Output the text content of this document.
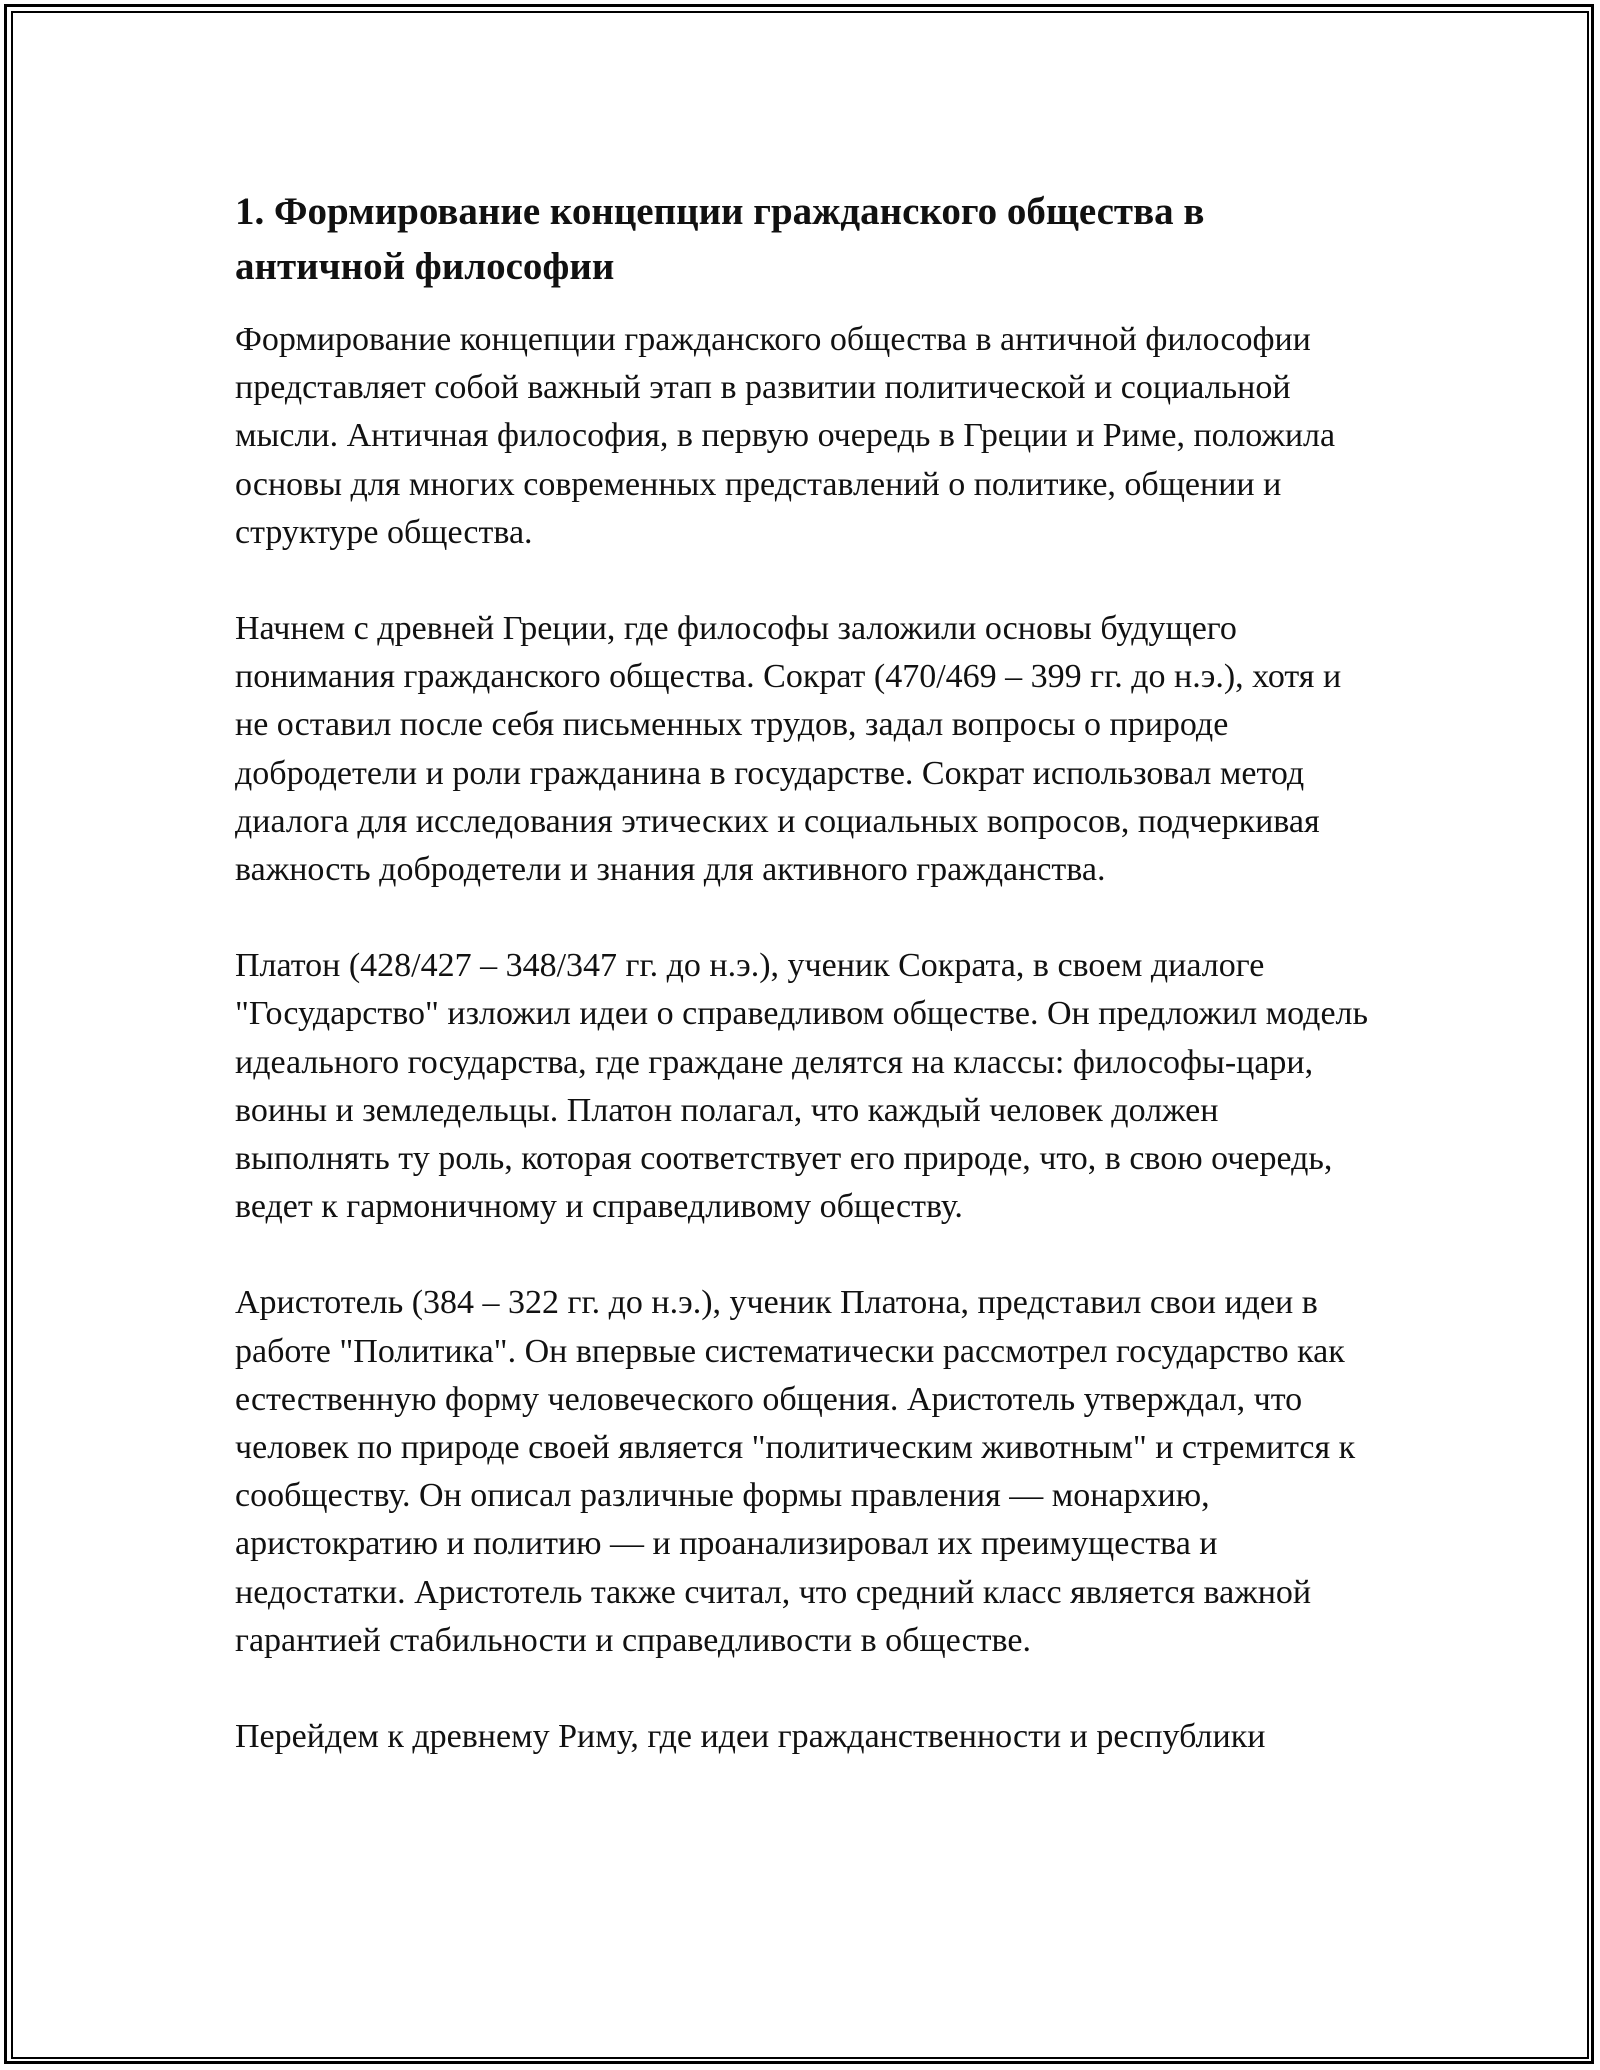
1. Формирование концепции гражданского общества в античной философии

Формирование концепции гражданского общества в античной философии представляет собой важный этап в развитии политической и социальной мысли. Античная философия, в первую очередь в Греции и Риме, положила основы для многих современных представлений о политике, общении и структуре общества.

Начнем с древней Греции, где философы заложили основы будущего понимания гражданского общества. Сократ (470/469 – 399 гг. до н.э.), хотя и не оставил после себя письменных трудов, задал вопросы о природе добродетели и роли гражданина в государстве. Сократ использовал метод диалога для исследования этических и социальных вопросов, подчеркивая важность добродетели и знания для активного гражданства.

Платон (428/427 – 348/347 гг. до н.э.), ученик Сократа, в своем диалоге "Государство" изложил идеи о справедливом обществе. Он предложил модель идеального государства, где граждане делятся на классы: философы-цари, воины и земледельцы. Платон полагал, что каждый человек должен выполнять ту роль, которая соответствует его природе, что, в свою очередь, ведет к гармоничному и справедливому обществу.

Аристотель (384 – 322 гг. до н.э.), ученик Платона, представил свои идеи в работе "Политика". Он впервые систематически рассмотрел государство как естественную форму человеческого общения. Аристотель утверждал, что человек по природе своей является "политическим животным" и стремится к сообществу. Он описал различные формы правления — монархию, аристократию и политию — и проанализировал их преимущества и недостатки. Аристотель также считал, что средний класс является важной гарантией стабильности и справедливости в обществе.

Перейдем к древнему Риму, где идеи гражданственности и республики
